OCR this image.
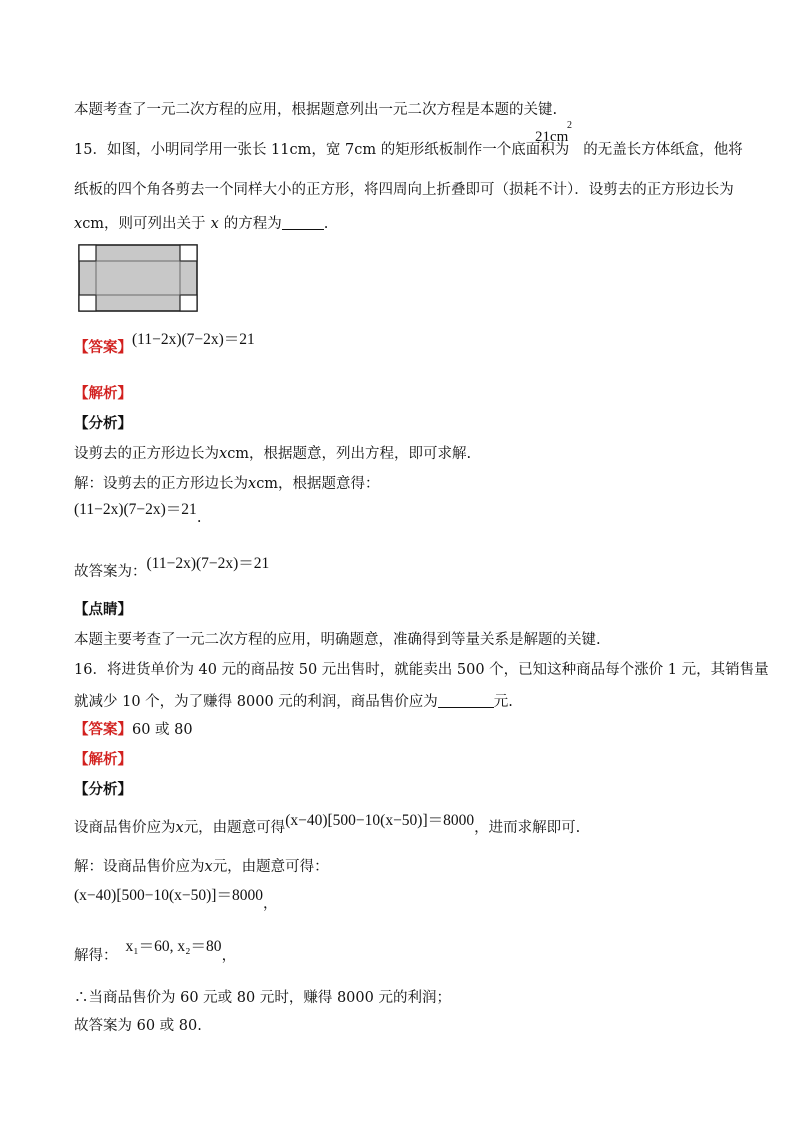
本题考查了一元二次方程的应用，根据题意列出一元二次方程是本题的关键.
15．如图，小明同学用一张长 11cm，宽 7cm 的矩形纸板制作一个底面积为 的无盖长方体纸盒，他将
21cm
2
纸板的四个角各剪去一个同样大小的正方形，将四周向上折叠即可（损耗不计）．设剪去的正方形边长为
xcm，则可列出关于 x 的方程为	.
【答案】(11−2x)(7−2x)＝21
【解析】
【分析】
设剪去的正方形边长为xcm，根据题意，列出方程，即可求解.
解：设剪去的正方形边长为xcm，根据题意得：
(11−2x)(7−2x)＝21.
故答案为：(11−2x)(7−2x)＝21
【点睛】
本题主要考查了一元二次方程的应用，明确题意，准确得到等量关系是解题的关键.
16．将进货单价为 40 元的商品按 50 元出售时，就能卖出 500 个，已知这种商品每个涨价 1 元，其销售量
就减少 10 个，为了赚得 8000 元的利润，商品售价应为	元.
【答案】60 或 80
【解析】
【分析】
设商品售价应为x元，由题意可得(x−40)[500−10(x−50)]＝8000，进而求解即可.
解：设商品售价应为x元，由题意可得：
(x−40)[500−10(x−50)]＝8000，
解得：x₁＝60, x₂＝80，
∴当商品售价为 60 元或 80 元时，赚得 8000 元的利润；
故答案为 60 或 80.
